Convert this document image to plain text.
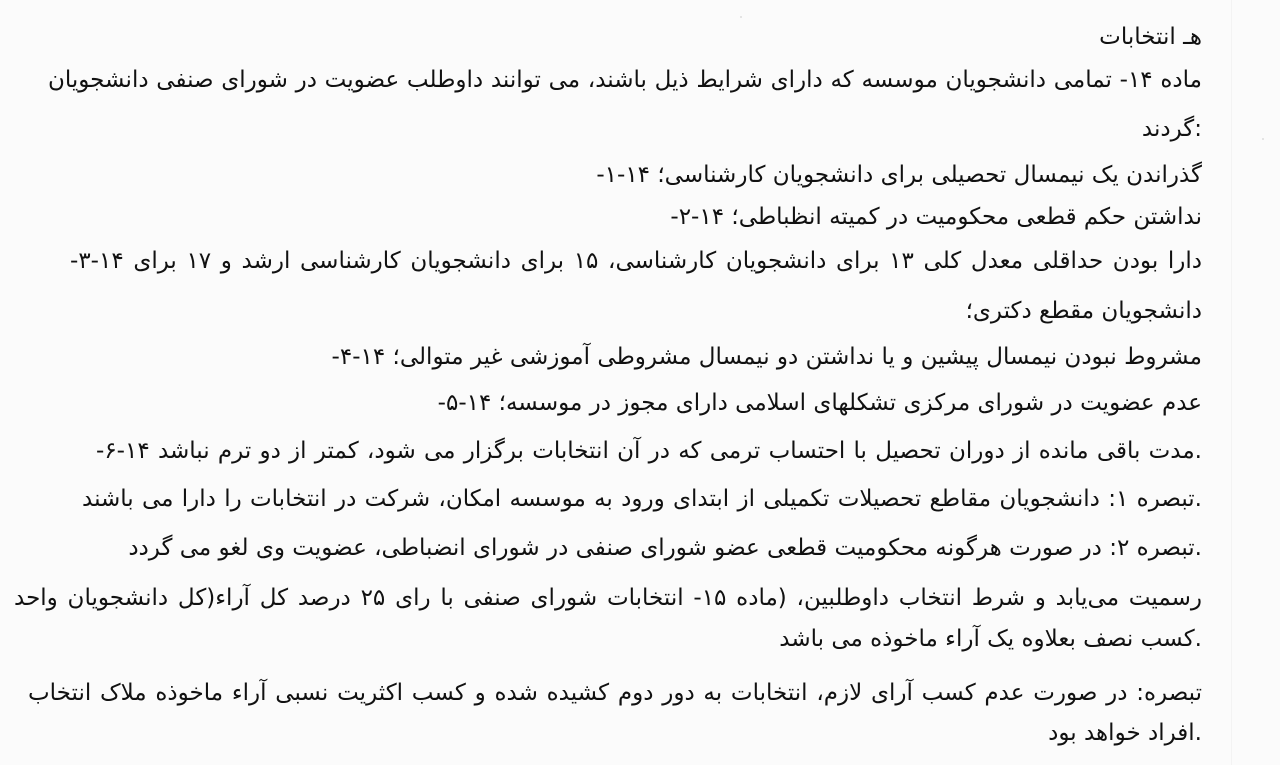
هـ انتخابات
ماده ۱۴- تمامی دانشجویان موسسه که دارای شرایط ذیل باشند، می توانند داوطلب عضویت در شورای صنفی دانشجویان
:گردند
گذراندن یک نیمسال تحصیلی برای دانشجویان کارشناسی؛ ۱۴-۱-
نداشتن حکم قطعی محکومیت در کمیته انظباطی؛ ۱۴-۲-
دارا بودن حداقلی معدل کلی ۱۳ برای دانشجویان کارشناسی، ۱۵ برای دانشجویان کارشناسی ارشد و ۱۷ برای ۱۴-۳-
دانشجویان مقطع دکتری؛
مشروط نبودن نیمسال پیشین و یا نداشتن دو نیمسال مشروطی آموزشی غیر متوالی؛ ۱۴-۴-
عدم عضویت در شورای مرکزی تشکلهای اسلامی دارای مجوز در موسسه؛ ۱۴-۵-
.مدت باقی مانده از دوران تحصیل با احتساب ترمی که در آن انتخابات برگزار می شود، کمتر از دو ترم نباشد ۱۴-۶-
.تبصره ۱: دانشجویان مقاطع تحصیلات تکمیلی از ابتدای ورود به موسسه امکان، شرکت در انتخابات را دارا می باشند
.تبصره ۲: در صورت هرگونه محکومیت قطعی عضو شورای صنفی در شورای انضباطی، عضویت وی لغو می گردد
رسمیت می‌یابد و شرط انتخاب داوطلبین، (ماده ۱۵- انتخابات شورای صنفی با رای ۲۵ درصد کل آراء(کل دانشجویان واحد
.کسب نصف بعلاوه یک آراء ماخوذه می باشد
تبصره: در صورت عدم کسب آرای لازم، انتخابات به دور دوم کشیده شده و کسب اکثریت نسبی آراء ماخوذه ملاک انتخاب
.افراد خواهد بود
